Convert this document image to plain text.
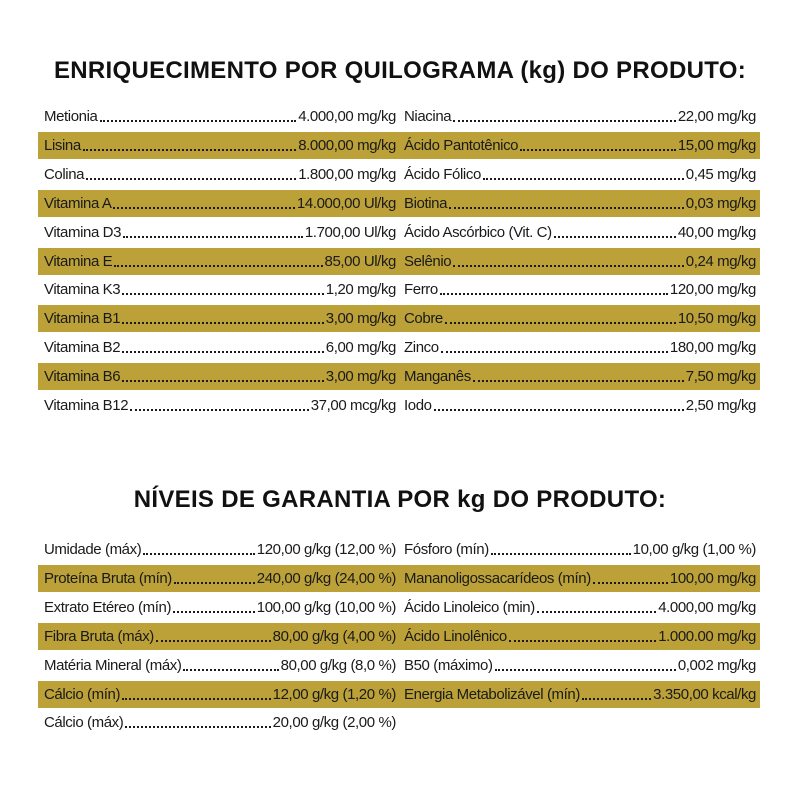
ENRIQUECIMENTO POR QUILOGRAMA (kg) DO PRODUTO:
Metionia	4.000,00 mg/kg Niacina	22,00 mg/kg
Lisina	8.000,00 mg/kg Ácido Pantotênico	15,00 mg/kg
Colina	1.800,00 mg/kg Ácido Fólico	0,45 mg/kg
Vitamina A	14.000,00 Ul/kg Biotina	0,03 mg/kg
Vitamina D3	1.700,00 Ul/kg Ácido Ascórbico (Vit. C)	40,00 mg/kg
Vitamina E	85,00 Ul/kg Selênio	0,24 mg/kg
Vitamina K3	1,20 mg/kg Ferro	120,00 mg/kg
Vitamina B1	3,00 mg/kg Cobre	10,50 mg/kg
Vitamina B2	6,00 mg/kg Zinco	180,00 mg/kg
Vitamina B6	3,00 mg/kg Manganês	7,50 mg/kg
Vitamina B12	37,00 mcg/kg Iodo	2,50 mg/kg
NÍVEIS DE GARANTIA POR kg DO PRODUTO:
Umidade (máx)	120,00 g/kg (12,00 %) Fósforo (mín)	10,00 g/kg (1,00 %)
Proteína Bruta (mín)	240,00 g/kg (24,00 %) Mananoligossacarídeos (mín)	100,00 mg/kg
Extrato Etéreo (mín)	100,00 g/kg (10,00 %) Ácido Linoleico (min)	4.000,00 mg/kg
Fibra Bruta (máx)	80,00 g/kg (4,00 %) Ácido Linolênico	1.000.00 mg/kg
Matéria Mineral (máx)	80,00 g/kg (8,0 %) B50 (máximo)	0,002 mg/kg
Cálcio (mín)	12,00 g/kg (1,20 %) Energia Metabolizável (mín)	3.350,00 kcal/kg
Cálcio (máx)	20,00 g/kg (2,00 %)
